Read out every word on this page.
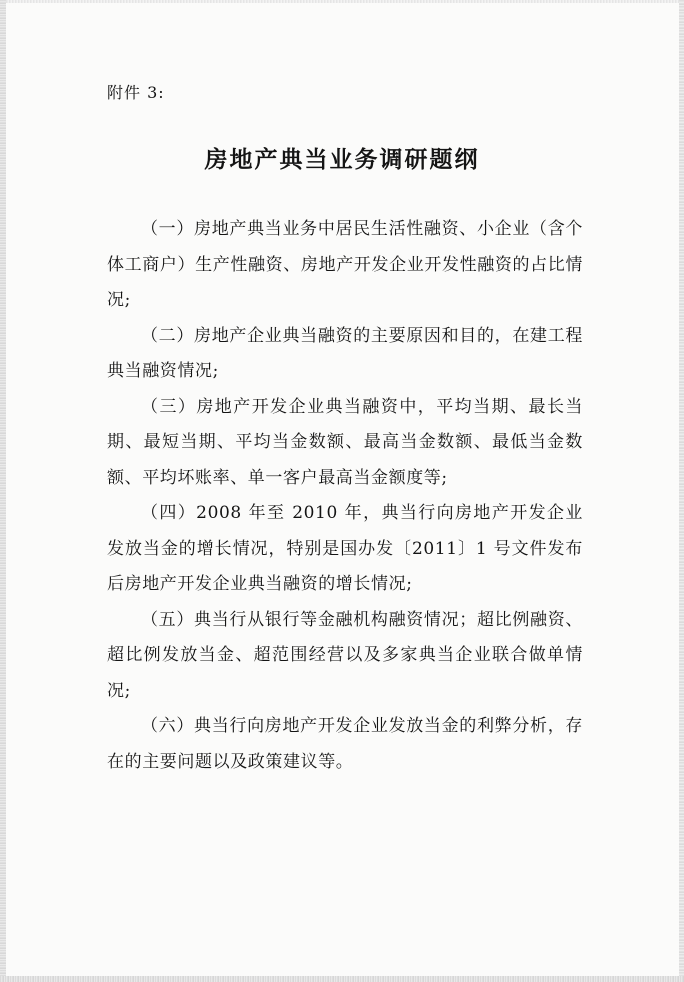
附件 3:
房地产典当业务调研题纲

（一）房地产典当业务中居民生活性融资、小企业（含个体工商户）生产性融资、房地产开发企业开发性融资的占比情况;

（二）房地产企业典当融资的主要原因和目的，在建工程典当融资情况;

（三）房地产开发企业典当融资中，平均当期、最长当期、最短当期、平均当金数额、最高当金数额、最低当金数额、平均坏账率、单一客户最高当金额度等;

（四）2008 年至 2010 年，典当行向房地产开发企业发放当金的增长情况，特别是国办发〔2011〕1 号文件发布后房地产开发企业典当融资的增长情况;

（五）典当行从银行等金融机构融资情况；超比例融资、超比例发放当金、超范围经营以及多家典当企业联合做单情况;

（六）典当行向房地产开发企业发放当金的利弊分析，存在的主要问题以及政策建议等。
